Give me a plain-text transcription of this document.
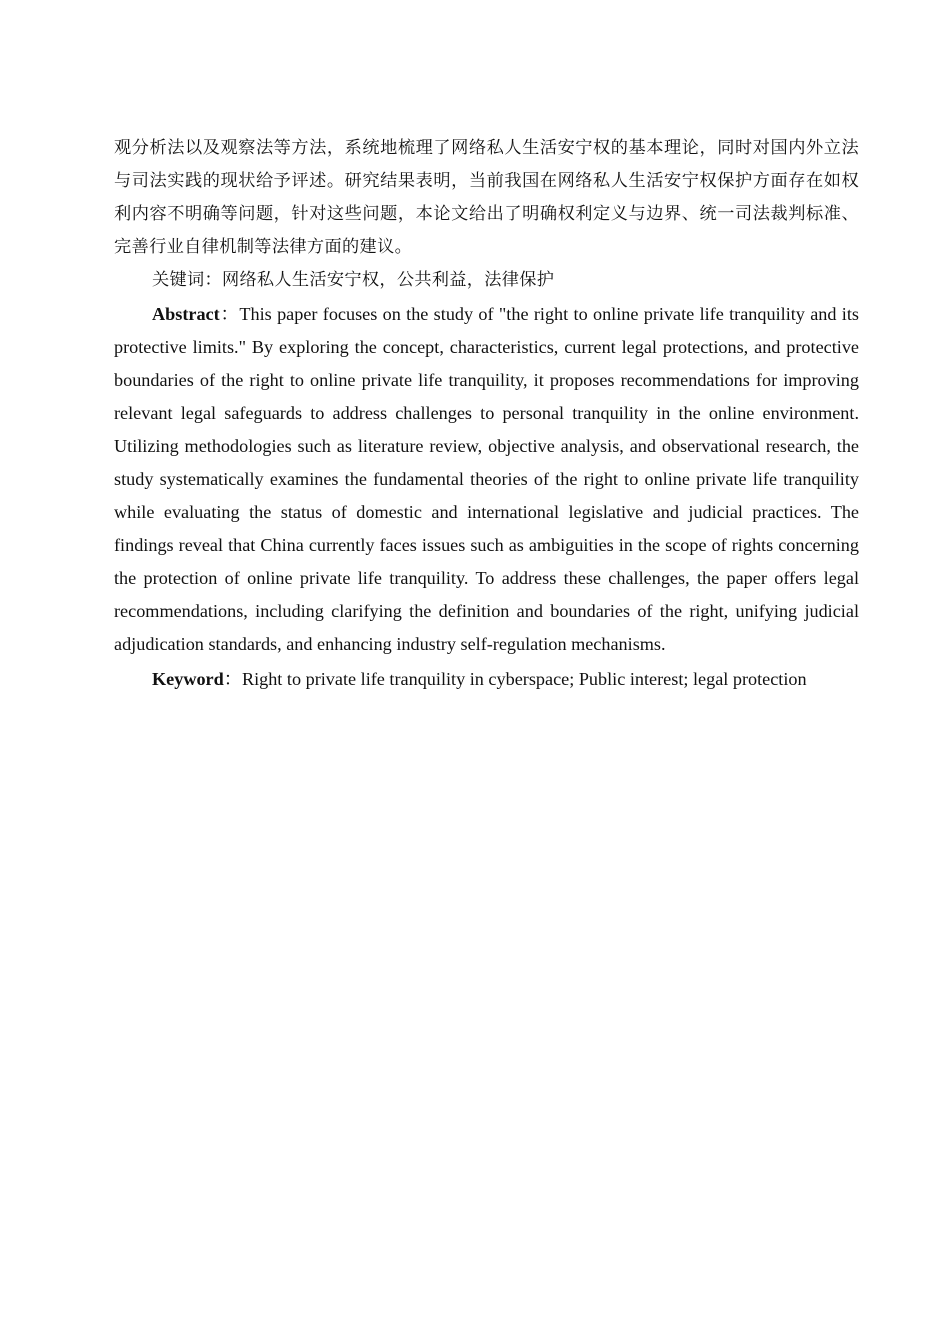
观分析法以及观察法等方法，系统地梳理了网络私人生活安宁权的基本理论，同时对国内外立法与司法实践的现状给予评述。研究结果表明，当前我国在网络私人生活安宁权保护方面存在如权利内容不明确等问题，针对这些问题，本论文给出了明确权利定义与边界、统一司法裁判标准、完善行业自律机制等法律方面的建议。

关键词：网络私人生活安宁权，公共利益，法律保护

Abstract：This paper focuses on the study of "the right to online private life tranquility and its protective limits." By exploring the concept, characteristics, current legal protections, and protective boundaries of the right to online private life tranquility, it proposes recommendations for improving relevant legal safeguards to address challenges to personal tranquility in the online environment. Utilizing methodologies such as literature review, objective analysis, and observational research, the study systematically examines the fundamental theories of the right to online private life tranquility while evaluating the status of domestic and international legislative and judicial practices. The findings reveal that China currently faces issues such as ambiguities in the scope of rights concerning the protection of online private life tranquility. To address these challenges, the paper offers legal recommendations, including clarifying the definition and boundaries of the right, unifying judicial adjudication standards, and enhancing industry self-regulation mechanisms.

Keyword：Right to private life tranquility in cyberspace; Public interest; legal protection
